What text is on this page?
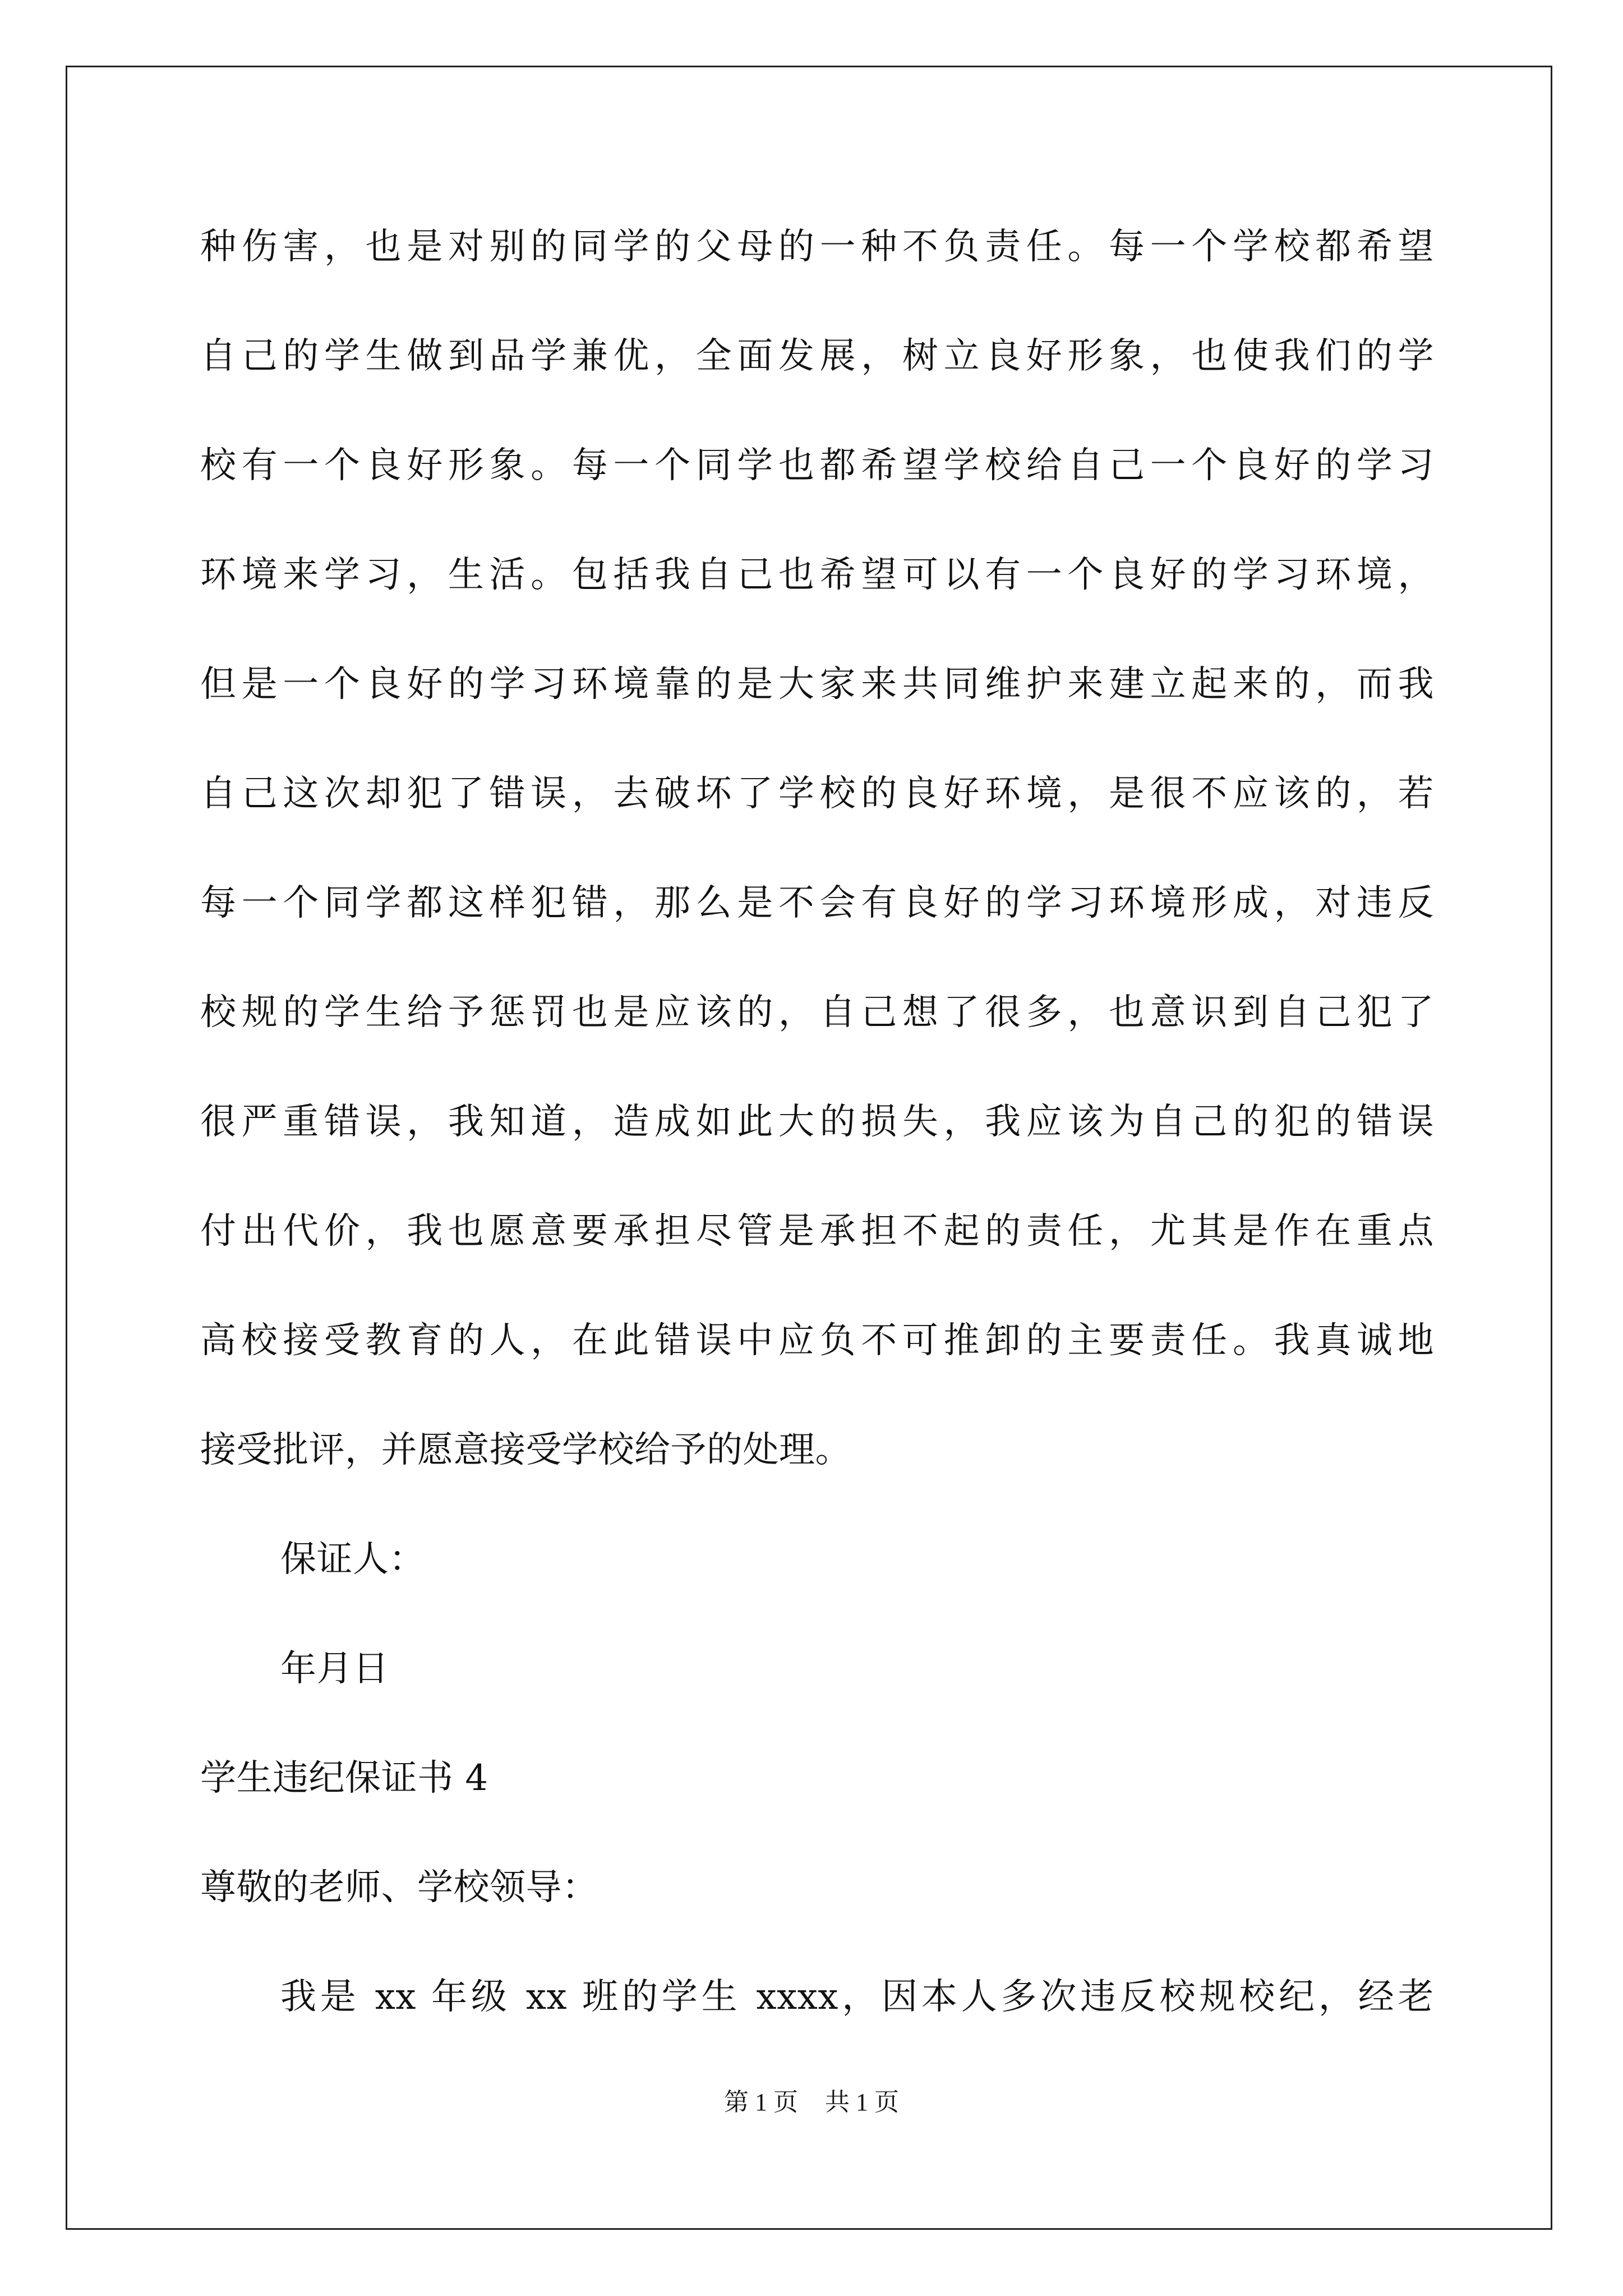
种伤害，也是对别的同学的父母的一种不负责任。每一个学校都希望
自己的学生做到品学兼优，全面发展，树立良好形象，也使我们的学
校有一个良好形象。每一个同学也都希望学校给自己一个良好的学习
环境来学习，生活。包括我自己也希望可以有一个良好的学习环境，
但是一个良好的学习环境靠的是大家来共同维护来建立起来的，而我
自己这次却犯了错误，去破坏了学校的良好环境，是很不应该的，若
每一个同学都这样犯错，那么是不会有良好的学习环境形成，对违反
校规的学生给予惩罚也是应该的，自己想了很多，也意识到自己犯了
很严重错误，我知道，造成如此大的损失，我应该为自己的犯的错误
付出代价，我也愿意要承担尽管是承担不起的责任，尤其是作在重点
高校接受教育的人，在此错误中应负不可推卸的主要责任。我真诚地
接受批评，并愿意接受学校给予的处理。
保证人：
年月日
学生违纪保证书 4
尊敬的老师、学校领导：
我是 xx 年级 xx 班的学生 xxxx，因本人多次违反校规校纪，经老
第 1 页 共 1 页
